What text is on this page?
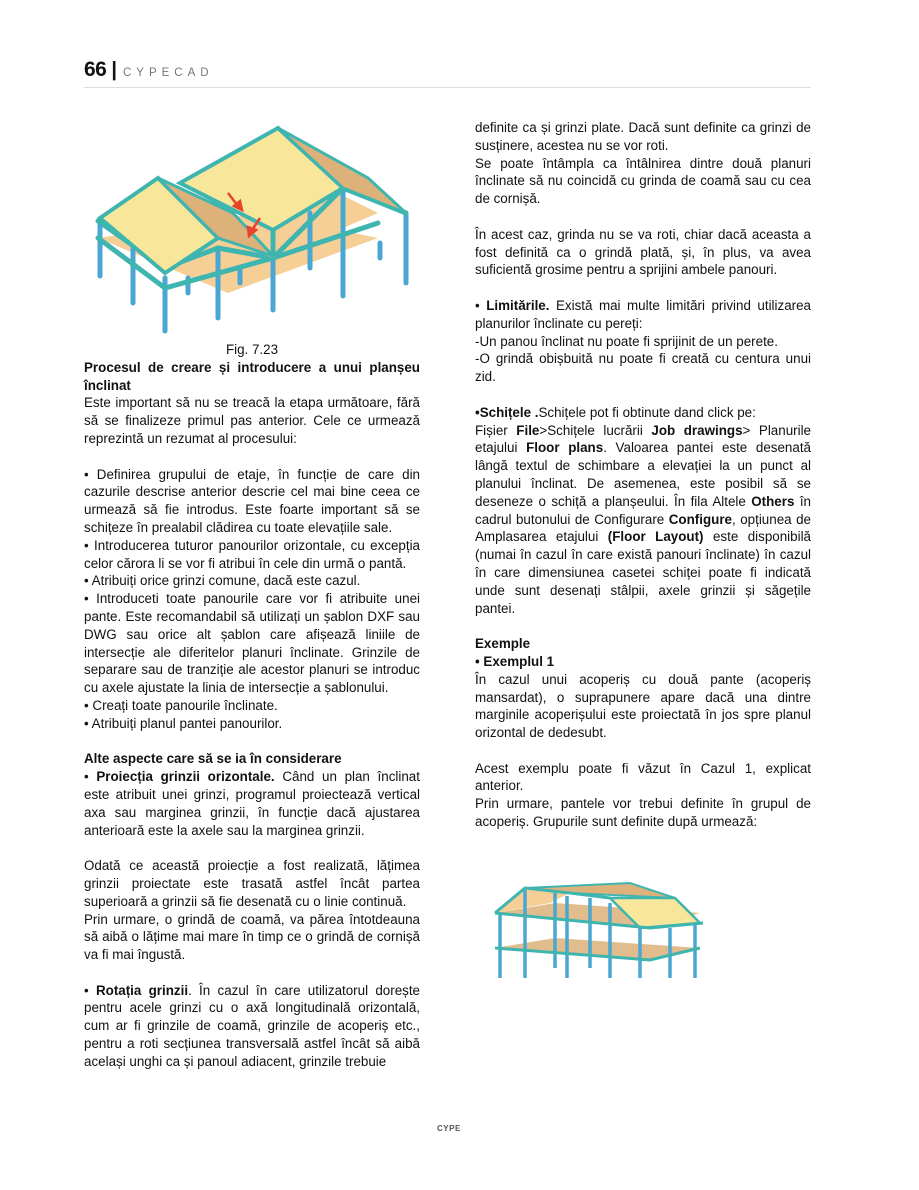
66 | CYPECAD

Fig. 7.23

Procesul de creare și introducere a unui planșeu înclinat

Este important să nu se treacă la etapa următoare, fără să se finalizeze primul pas anterior. Cele ce urmează reprezintă un rezumat al procesului:

• Definirea grupului de etaje, în funcție de care din cazurile descrise anterior descrie cel mai bine ceea ce urmează să fie introdus. Este foarte important să se schițeze în prealabil clădirea cu toate elevațiile sale.

• Introducerea tuturor panourilor orizontale, cu excepția celor cărora li se vor fi atribui în cele din urmă o pantă.

• Atribuiți orice grinzi comune, dacă este cazul.

• Introduceti toate panourile care vor fi atribuite unei pante. Este recomandabil să utilizați un șablon DXF sau DWG sau orice alt șablon care afișează liniile de intersecție ale diferitelor planuri înclinate. Grinzile de separare sau de tranziție ale acestor planuri se introduc cu axele ajustate la linia de intersecție a șablonului.

• Creați toate panourile înclinate.

• Atribuiți planul pantei panourilor.

Alte aspecte care să se ia în considerare

• Proiecția grinzii orizontale. Când un plan înclinat este atribuit unei grinzi, programul proiectează vertical axa sau marginea grinzii, în funcție dacă ajustarea anterioară este la axele sau la marginea grinzii.

Odată ce această proiecție a fost realizată, lățimea grinzii proiectate este trasată astfel încât partea superioară a grinzii să fie desenată cu o linie continuă.

Prin urmare, o grindă de coamă, va părea întotdeauna să aibă o lățime mai mare în timp ce o grindă de cornișă va fi mai îngustă.

• Rotația grinzii. În cazul în care utilizatorul dorește pentru acele grinzi cu o axă longitudinală orizontală, cum ar fi grinzile de coamă, grinzile de acoperiș etc., pentru a roti secțiunea transversală astfel încât să aibă același unghi ca și panoul adiacent, grinzile trebuie

definite ca și grinzi plate. Dacă sunt definite ca grinzi de susținere, acestea nu se vor roti.

Se poate întâmpla ca întâlnirea dintre două planuri înclinate să nu coincidă cu grinda de coamă sau cu cea de cornișă.

În acest caz, grinda nu se va roti, chiar dacă aceasta a fost definită ca o grindă plată, și, în plus, va avea suficientă grosime pentru a sprijini ambele panouri.

• Limitările. Există mai multe limitări privind utilizarea planurilor înclinate cu pereți:

-Un panou înclinat nu poate fi sprijinit de un perete.

-O grindă obișbuită nu poate fi creată cu centura unui zid.

•Schițele .Schițele pot fi obtinute dand click pe:

Fișier File>Schițele lucrării Job drawings> Planurile etajului Floor plans. Valoarea pantei este desenată lângă textul de schimbare a elevației la un punct al planului înclinat. De asemenea, este posibil să se deseneze o schiță a planșeului. În fila Altele Others în cadrul butonului de Configurare Configure, opțiunea de Amplasarea etajului (Floor Layout) este disponibilă (numai în cazul în care există panouri înclinate) în cazul în care dimensiunea casetei schiței poate fi indicată unde sunt desenați stâlpii, axele grinzii și săgețile pantei.

Exemple

• Exemplul 1

În cazul unui acoperiș cu două pante (acoperiș mansardat), o suprapunere apare dacă una dintre marginile acoperișului este proiectată în jos spre planul orizontal de dedesubt.

Acest exemplu poate fi văzut în Cazul 1, explicat anterior.

Prin urmare, pantele vor trebui definite în grupul de acoperiș. Grupurile sunt definite după urmează:

CYPE
